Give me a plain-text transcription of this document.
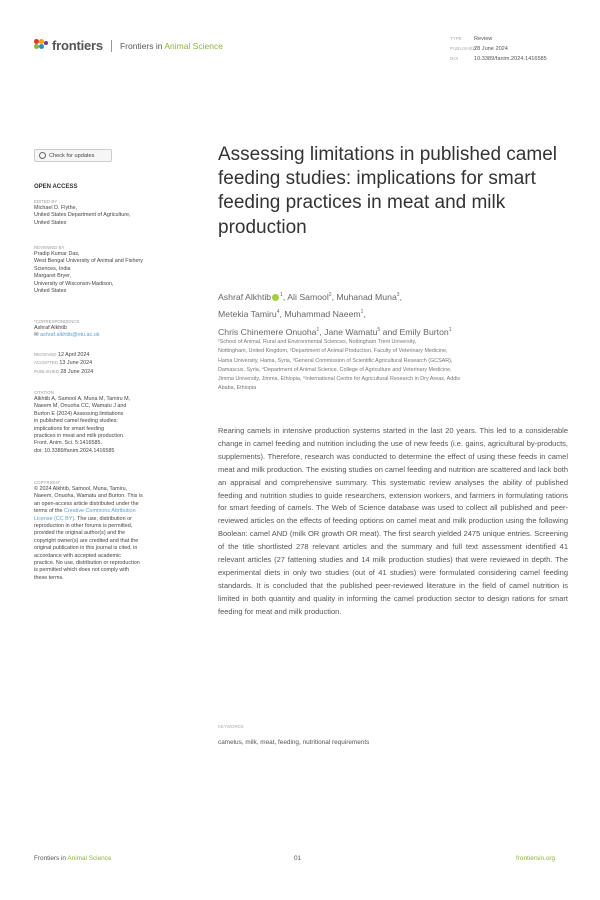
frontiers Frontiers in Animal Science
TYPE Review
PUBLISHED28 June 2024
DOI	10.3389/fanim.2024.1416585
Check for updates
OPEN ACCESS
EDITED BY
Michael D. Flythe,
United States Department of Agriculture,
United States
REVIEWED BY
Pradip Kumar Das,
West Bengal University of Animal and Fishery
Sciences, India
Margaret Bryer,
University of Wisconsin-Madison,
United States
*CORRESPONDENCE
Ashraf Alkhtib
✉ ashraf.alkhtib@ntu.ac.uk
RECEIVED 12 April 2024
ACCEPTED 13 June 2024
PUBLISHED 28 June 2024
CITATION
Alkhtib A, Samool A, Muna M, Tamiru M,
Naeem M, Onuoha CC, Wamatu J and
Burton E (2024) Assessing limitations
in published camel feeding studies:
implications for smart feeding
practices in meat and milk production.
Front. Anim. Sci. 5:1416585.
doi: 10.3389/fanim.2024.1416585
COPYRIGHT
© 2024 Alkhtib, Samool, Muna, Tamiru,
Naeem, Onuoha, Wamatu and Burton. This is
an open-access article distributed under the
terms of the Creative Commons Attribution
License (CC BY). The use, distribution or
reproduction in other forums is permitted,
provided the original author(s) and the
copyright owner(s) are credited and that the
original publication in this journal is cited, in
accordance with accepted academic
practice. No use, distribution or reproduction
is permitted which does not comply with
these terms.
Assessing limitations in published camel feeding studies: implications for smart feeding practices in meat and milk production
Ashraf Alkhtib $^1$, Ali Samool$^2$, Muhanad Muna$^3$,
Metekia Tamiru$^4$, Muhammad Naeem$^1$,
Chris Chinemere Onuoha$^1$, Jane Wamatu$^5$ and Emily Burton$^1$
¹School of Animal, Rural and Environmental Sciences, Nottingham Trent University,
Nottingham, United Kingdom, ²Department of Animal Production, Faculty of Veterinary Medicine,
Hama University, Hama, Syria, ³General Commission of Scientific Agricultural Research (GCSAR),
Damascus, Syria, ⁴Department of Animal Science, College of Agriculture and Veterinary Medicine,
Jimma University, Jimma, Ethiopia, ⁵International Centre for Agricultural Research in Dry Areas, Addis
Ababa, Ethiopia
Rearing camels in intensive production systems started in the last 20 years. This led to a considerable change in camel feeding and nutrition including the use of new feeds (i.e. gains, agricultural by-products, supplements). Therefore, research was conducted to determine the effect of using these feeds in camel meat and milk production. The existing studies on camel feeding and nutrition are scattered and lack both an appraisal and comprehensive summary. This systematic review analyses the ability of published feeding and nutrition studies to guide researchers, extension workers, and farmers in formulating rations for smart feeding of camels. The Web of Science database was used to collect all published and peer-reviewed articles on the effects of feeding options on camel meat and milk production using the following Boolean: camel AND (milk OR growth OR meat). The first search yielded 2475 unique entries. Screening of the title shortlisted 278 relevant articles and the summary and full text assessment identified 41 relevant articles (27 fattening studies and 14 milk production studies) that were reviewed in depth. The experimental diets in only two studies (out of 41 studies) were formulated considering camel feeding standards. It is concluded that the published peer-reviewed literature in the field of camel nutrition is limited in both quantity and quality in informing the camel production sector to design rations for smart feeding for meat and milk production.
KEYWORDS
camelus, milk, meat, feeding, nutritional requirements
Frontiers in Animal Science	01	frontiersin.org
